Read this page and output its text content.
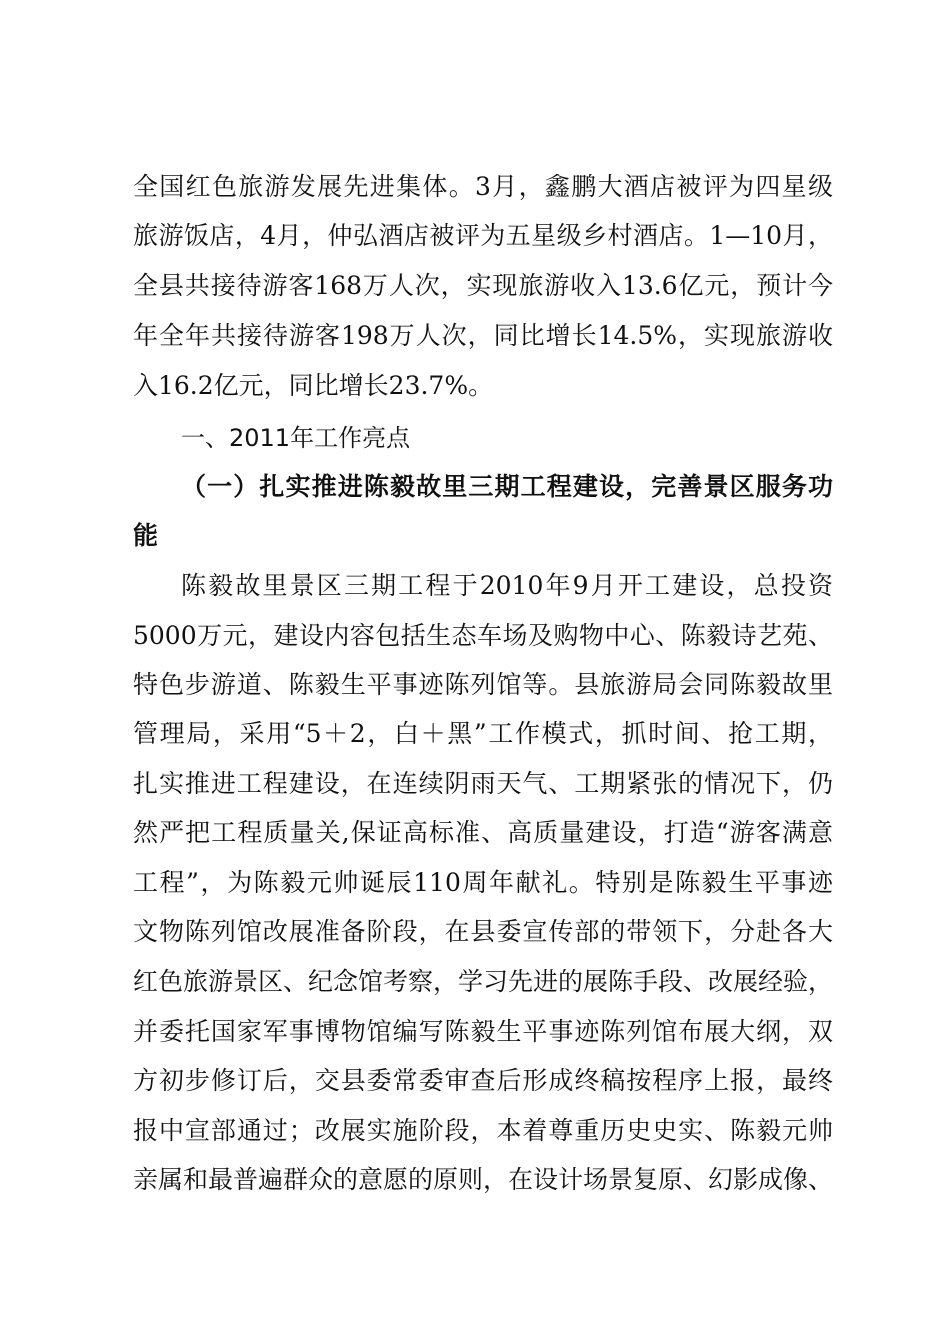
全国红色旅游发展先进集体。3月，鑫鹏大酒店被评为四星级
旅游饭店，4月，仲弘酒店被评为五星级乡村酒店。1—10月，
全县共接待游客168万人次，实现旅游收入13.6亿元，预计今
年全年共接待游客198万人次，同比增长14.5%，实现旅游收
入16.2亿元，同比增长23.7%。
一、2011年工作亮点
（一）扎实推进陈毅故里三期工程建设，完善景区服务功
能
陈毅故里景区三期工程于2010年9月开工建设，总投资
5000万元，建设内容包括生态车场及购物中心、陈毅诗艺苑、
特色步游道、陈毅生平事迹陈列馆等。县旅游局会同陈毅故里
管理局，采用“5＋2，白＋黑”工作模式，抓时间、抢工期，
扎实推进工程建设，在连续阴雨天气、工期紧张的情况下，仍
然严把工程质量关,保证高标准、高质量建设，打造“游客满意
工程”，为陈毅元帅诞辰110周年献礼。特别是陈毅生平事迹
文物陈列馆改展准备阶段，在县委宣传部的带领下，分赴各大
红色旅游景区、纪念馆考察，学习先进的展陈手段、改展经验，
并委托国家军事博物馆编写陈毅生平事迹陈列馆布展大纲，双
方初步修订后，交县委常委审查后形成终稿按程序上报，最终
报中宣部通过；改展实施阶段，本着尊重历史史实、陈毅元帅
亲属和最普遍群众的意愿的原则，在设计场景复原、幻影成像、
